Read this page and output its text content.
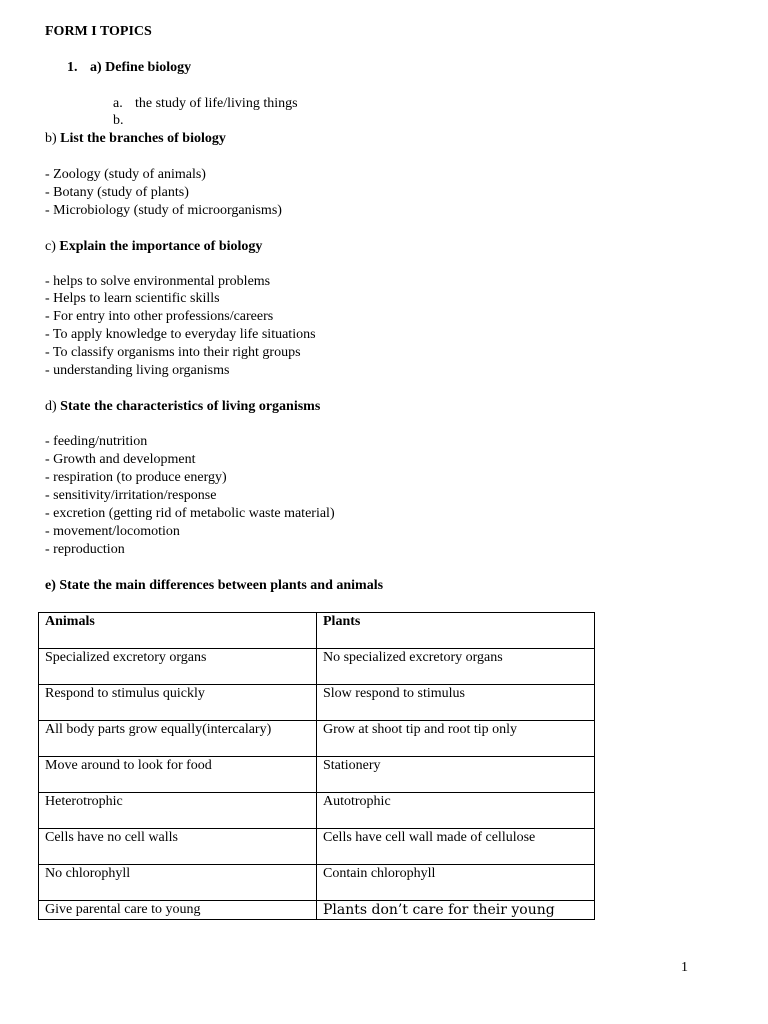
FORM I TOPICS
1. a) Define biology
a. the study of life/living things
b.
b) List the branches of biology
- Zoology (study of animals)
- Botany (study of plants)
- Microbiology (study of microorganisms)
c) Explain the importance of biology
- helps to solve environmental problems
- Helps to learn scientific skills
- For entry into other professions/careers
- To apply knowledge to everyday life situations
- To classify organisms into their right groups
- understanding living organisms
d) State the characteristics of living organisms
- feeding/nutrition
- Growth and development
- respiration (to produce energy)
- sensitivity/irritation/response
- excretion (getting rid of metabolic waste material)
- movement/locomotion
- reproduction
e) State the main differences between plants and animals
Animals	Plants
Specialized excretory organs	No specialized excretory organs
Respond to stimulus quickly	Slow respond to stimulus
All body parts grow equally(intercalary)	Grow at shoot tip and root tip only
Move around to look for food	Stationery
Heterotrophic	Autotrophic
Cells have no cell walls	Cells have cell wall made of cellulose
No chlorophyll	Contain chlorophyll
Give parental care to young	Plants don’t care for their young
1
